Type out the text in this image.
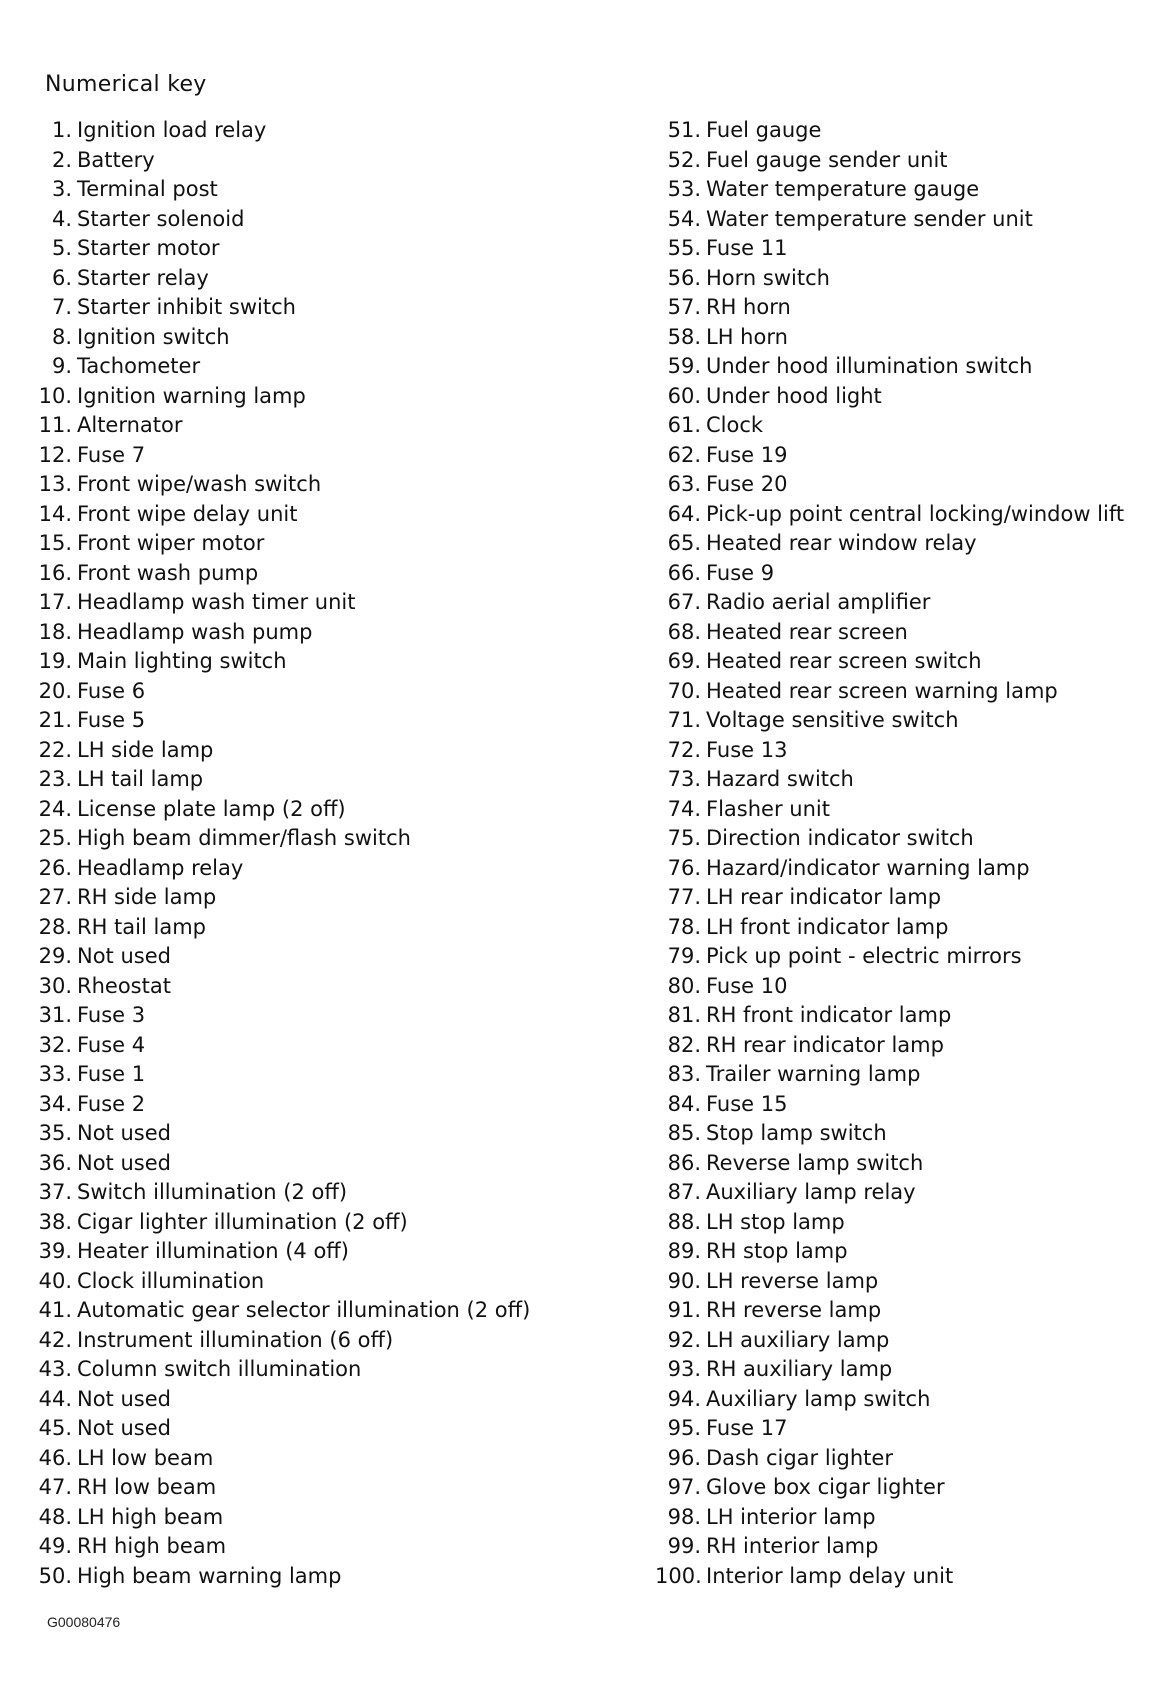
Numerical key
1. Ignition load relay
2. Battery
3. Terminal post
4. Starter solenoid
5. Starter motor
6. Starter relay
7. Starter inhibit switch
8. Ignition switch
9. Tachometer
10. Ignition warning lamp
11. Alternator
12. Fuse 7
13. Front wipe/wash switch
14. Front wipe delay unit
15. Front wiper motor
16. Front wash pump
17. Headlamp wash timer unit
18. Headlamp wash pump
19. Main lighting switch
20. Fuse 6
21. Fuse 5
22. LH side lamp
23. LH tail lamp
24. License plate lamp (2 off)
25. High beam dimmer/flash switch
26. Headlamp relay
27. RH side lamp
28. RH tail lamp
29. Not used
30. Rheostat
31. Fuse 3
32. Fuse 4
33. Fuse 1
34. Fuse 2
35. Not used
36. Not used
37. Switch illumination (2 off)
38. Cigar lighter illumination (2 off)
39. Heater illumination (4 off)
40. Clock illumination
41. Automatic gear selector illumination (2 off)
42. Instrument illumination (6 off)
43. Column switch illumination
44. Not used
45. Not used
46. LH low beam
47. RH low beam
48. LH high beam
49. RH high beam
50. High beam warning lamp
51. Fuel gauge
52. Fuel gauge sender unit
53. Water temperature gauge
54. Water temperature sender unit
55. Fuse 11
56. Horn switch
57. RH horn
58. LH horn
59. Under hood illumination switch
60. Under hood light
61. Clock
62. Fuse 19
63. Fuse 20
64. Pick-up point central locking/window lift
65. Heated rear window relay
66. Fuse 9
67. Radio aerial amplifier
68. Heated rear screen
69. Heated rear screen switch
70. Heated rear screen warning lamp
71. Voltage sensitive switch
72. Fuse 13
73. Hazard switch
74. Flasher unit
75. Direction indicator switch
76. Hazard/indicator warning lamp
77. LH rear indicator lamp
78. LH front indicator lamp
79. Pick up point - electric mirrors
80. Fuse 10
81. RH front indicator lamp
82. RH rear indicator lamp
83. Trailer warning lamp
84. Fuse 15
85. Stop lamp switch
86. Reverse lamp switch
87. Auxiliary lamp relay
88. LH stop lamp
89. RH stop lamp
90. LH reverse lamp
91. RH reverse lamp
92. LH auxiliary lamp
93. RH auxiliary lamp
94. Auxiliary lamp switch
95. Fuse 17
96. Dash cigar lighter
97. Glove box cigar lighter
98. LH interior lamp
99. RH interior lamp
100. Interior lamp delay unit
G00080476
